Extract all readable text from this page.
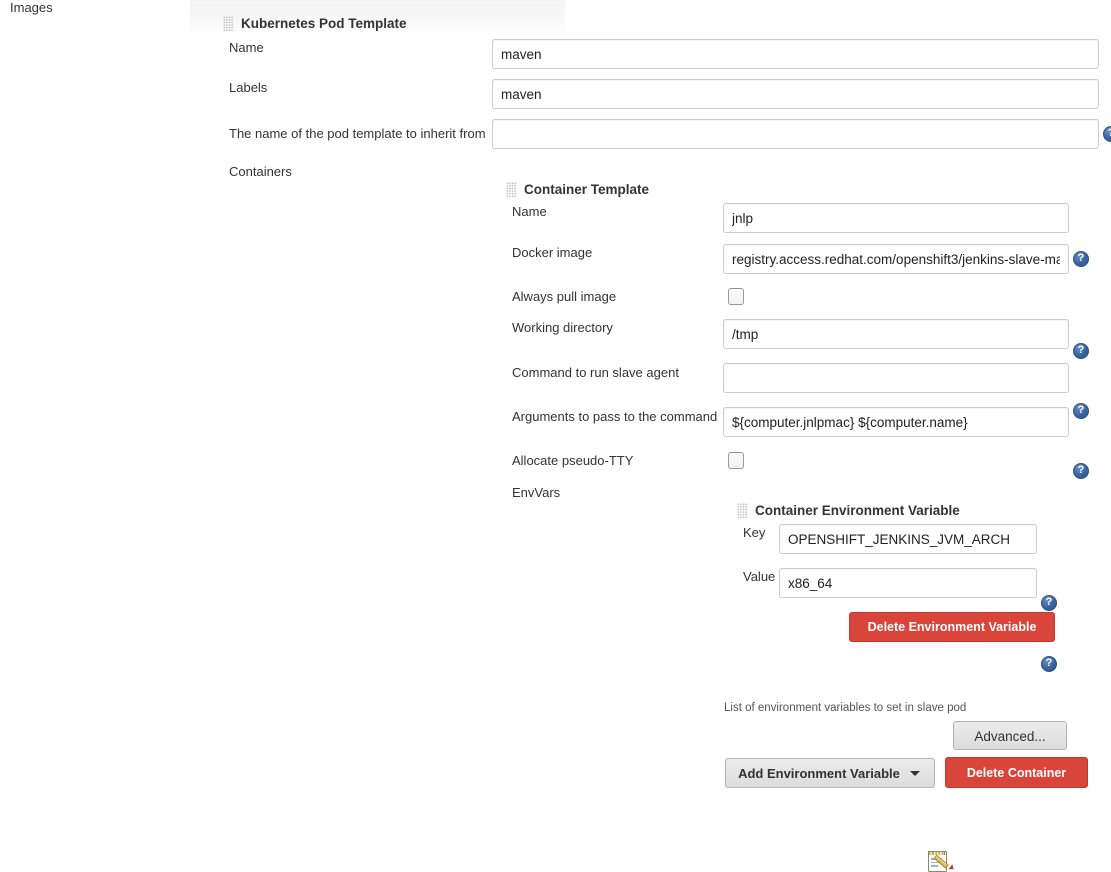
Images
Kubernetes Pod Template
Name
maven
Labels
maven
The name of the pod template to inherit from
?
Containers
Container Template
Name
jnlp
Docker image
registry.access.redhat.com/openshift3/jenkins-slave-mav
?
Always pull image
Working directory
/tmp
?
Command to run slave agent
?
Arguments to pass to the command
${computer.jnlpmac} ${computer.name}
?
Allocate pseudo-TTY
EnvVars
Container Environment Variable
Key
OPENSHIFT_JENKINS_JVM_ARCH
?
Value
x86_64
?
Delete Environment Variable
Add Environment Variable
List of environment variables to set in slave pod
Advanced...
Delete Container
